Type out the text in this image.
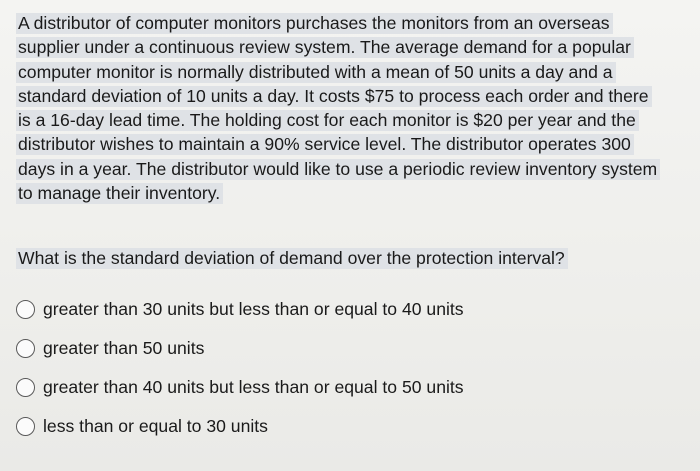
A distributor of computer monitors purchases the monitors from an overseas
supplier under a continuous review system. The average demand for a popular
computer monitor is normally distributed with a mean of 50 units a day and a
standard deviation of 10 units a day. It costs $75 to process each order and there
is a 16-day lead time. The holding cost for each monitor is $20 per year and the
distributor wishes to maintain a 90% service level. The distributor operates 300
days in a year. The distributor would like to use a periodic review inventory system
to manage their inventory.
What is the standard deviation of demand over the protection interval?
greater than 30 units but less than or equal to 40 units
greater than 50 units
greater than 40 units but less than or equal to 50 units
less than or equal to 30 units
